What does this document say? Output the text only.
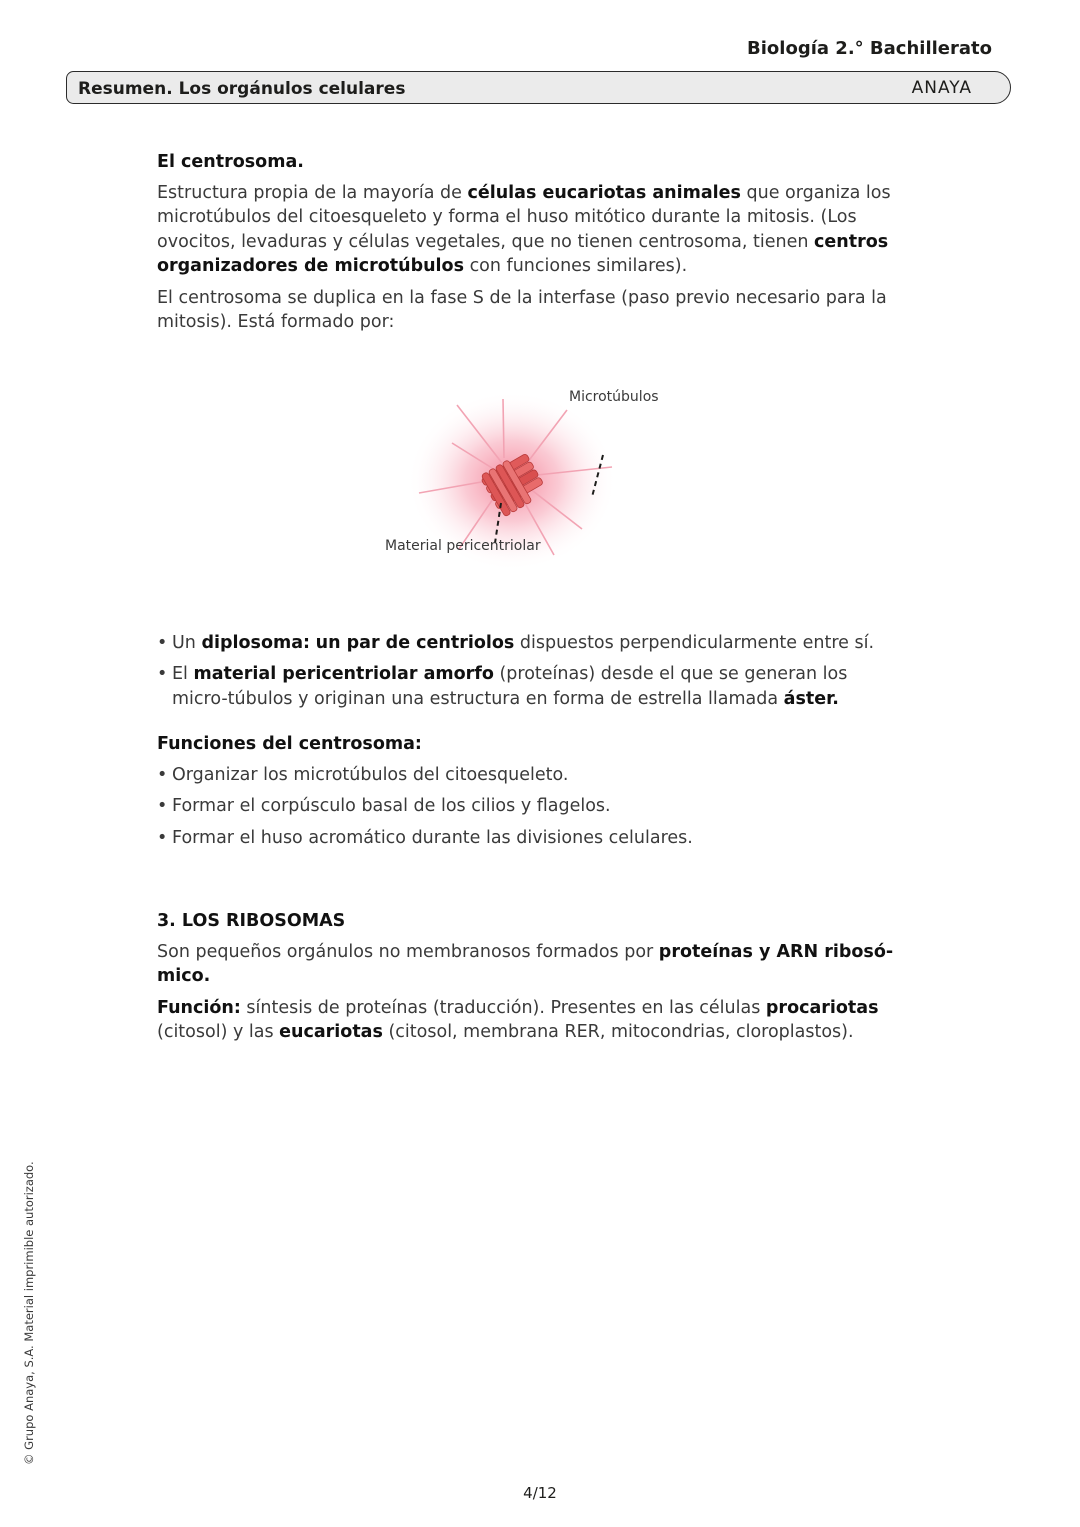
Biología 2.° Bachillerato
Resumen. Los orgánulos celulares	ANAYA
El centrosoma.

Estructura propia de la mayoría de células eucariotas animales que organiza los microtúbulos del citoesqueleto y forma el huso mitótico durante la mitosis. (Los ovocitos, levaduras y células vegetales, que no tienen centrosoma, tienen centros organizadores de microtúbulos con funciones similares).

El centrosoma se duplica en la fase S de la interfase (paso previo necesario para la mitosis). Está formado por:

Microtúbulos
Material pericentriolar
• Un diplosoma: un par de centriolos dispuestos perpendicularmente entre sí.
• El material pericentriolar amorfo (proteínas) desde el que se generan los micro-túbulos y originan una estructura en forma de estrella llamada áster.
Funciones del centrosoma:
• Organizar los microtúbulos del citoesqueleto.
• Formar el corpúsculo basal de los cilios y flagelos.
• Formar el huso acromático durante las divisiones celulares.
3. LOS RIBOSOMAS

Son pequeños orgánulos no membranosos formados por proteínas y ARN ribosó-mico.

Función: síntesis de proteínas (traducción). Presentes en las células procariotas (citosol) y las eucariotas (citosol, membrana RER, mitocondrias, cloroplastos).

© Grupo Anaya, S.A. Material imprimible autorizado.
4/12
